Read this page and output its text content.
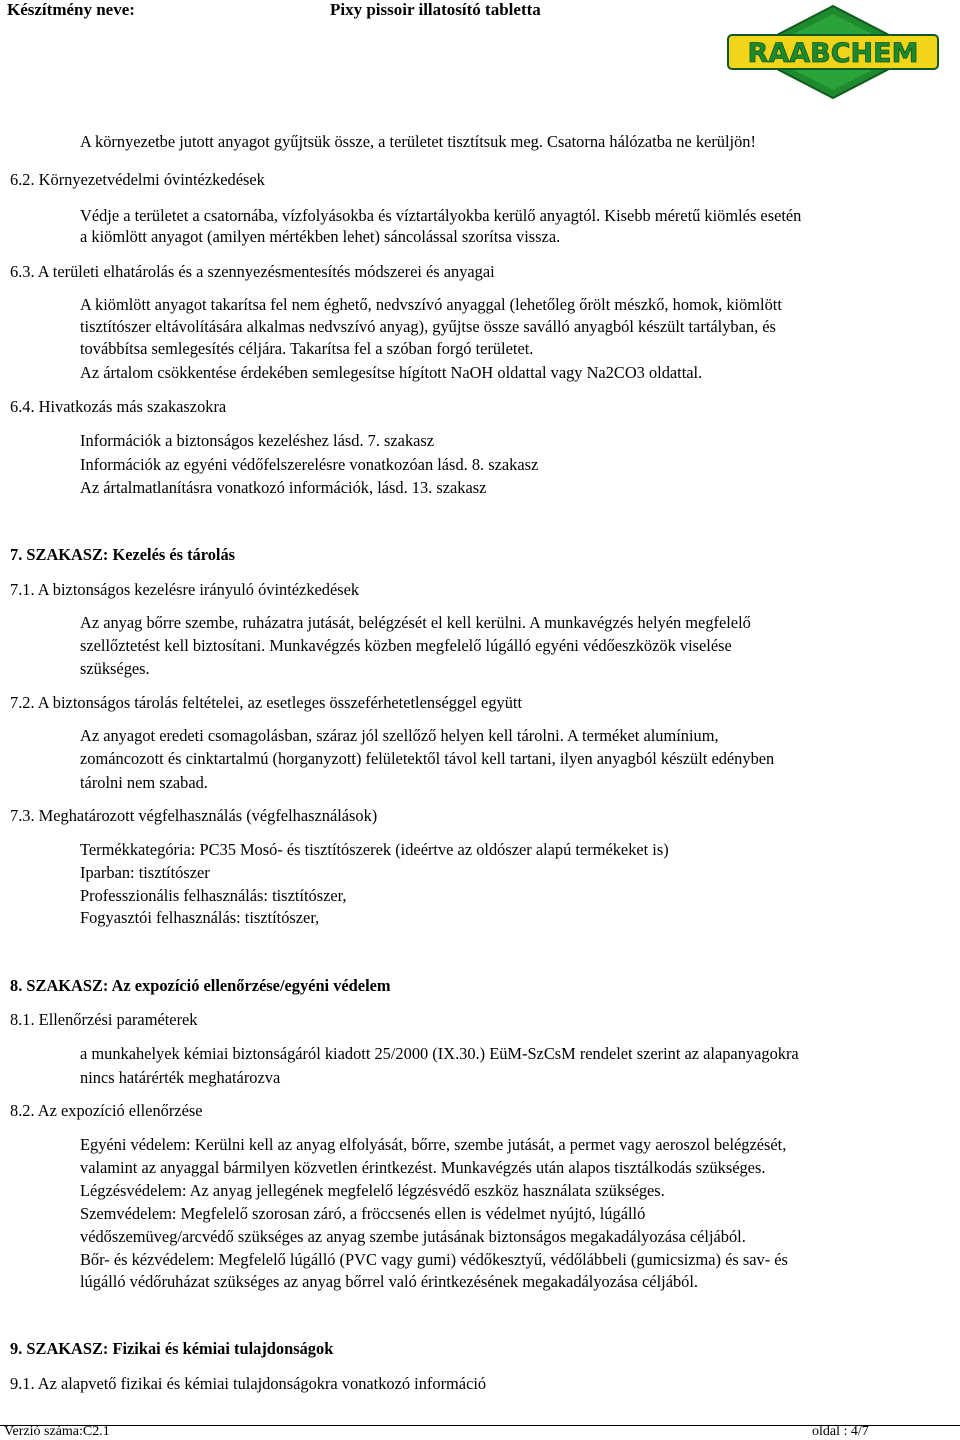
Készítmény neve:	Pixy pissoir illatosító tabletta
RAABCHEM
A környezetbe jutott anyagot gyűjtsük össze, a területet tisztítsuk meg. Csatorna hálózatba ne kerüljön!
6.2. Környezetvédelmi óvintézkedések
Védje a területet a csatornába, vízfolyásokba és víztartályokba kerülő anyagtól. Kisebb méretű kiömlés esetén
a kiömlött anyagot (amilyen mértékben lehet) sáncolással szorítsa vissza.
6.3. A területi elhatárolás és a szennyezésmentesítés módszerei és anyagai
A kiömlött anyagot takarítsa fel nem éghető, nedvszívó anyaggal (lehetőleg őrölt mészkő, homok, kiömlött
tisztítószer eltávolítására alkalmas nedvszívó anyag), gyűjtse össze saválló anyagból készült tartályban, és
továbbítsa semlegesítés céljára. Takarítsa fel a szóban forgó területet.
Az ártalom csökkentése érdekében semlegesítse hígított NaOH oldattal vagy Na2CO3 oldattal.
6.4. Hivatkozás más szakaszokra
Információk a biztonságos kezeléshez lásd. 7. szakasz
Információk az egyéni védőfelszerelésre vonatkozóan lásd. 8. szakasz
Az ártalmatlanításra vonatkozó információk, lásd. 13. szakasz
7. SZAKASZ: Kezelés és tárolás
7.1. A biztonságos kezelésre irányuló óvintézkedések
Az anyag bőrre szembe, ruházatra jutását, belégzését el kell kerülni. A munkavégzés helyén megfelelő
szellőztetést kell biztosítani. Munkavégzés közben megfelelő lúgálló egyéni védőeszközök viselése
szükséges.
7.2. A biztonságos tárolás feltételei, az esetleges összeférhetetlenséggel együtt
Az anyagot eredeti csomagolásban, száraz jól szellőző helyen kell tárolni. A terméket alumínium,
zománcozott és cinktartalmú (horganyzott) felületektől távol kell tartani, ilyen anyagból készült edényben
tárolni nem szabad.
7.3. Meghatározott végfelhasználás (végfelhasználások)
Termékkategória: PC35 Mosó- és tisztítószerek (ideértve az oldószer alapú termékeket is)
Iparban: tisztítószer
Professzionális felhasználás: tisztítószer,
Fogyasztói felhasználás: tisztítószer,
8. SZAKASZ: Az expozíció ellenőrzése/egyéni védelem
8.1. Ellenőrzési paraméterek
a munkahelyek kémiai biztonságáról kiadott 25/2000 (IX.30.) EüM-SzCsM rendelet szerint az alapanyagokra
nincs határérték meghatározva
8.2. Az expozíció ellenőrzése
Egyéni védelem: Kerülni kell az anyag elfolyását, bőrre, szembe jutását, a permet vagy aeroszol belégzését,
valamint az anyaggal bármilyen közvetlen érintkezést. Munkavégzés után alapos tisztálkodás szükséges.
Légzésvédelem: Az anyag jellegének megfelelő légzésvédő eszköz használata szükséges.
Szemvédelem: Megfelelő szorosan záró, a fröccsenés ellen is védelmet nyújtó, lúgálló
védőszemüveg/arcvédő szükséges az anyag szembe jutásának biztonságos megakadályozása céljából.
Bőr- és kézvédelem: Megfelelő lúgálló (PVC vagy gumi) védőkesztyű, védőlábbeli (gumicsizma) és sav- és
lúgálló védőruházat szükséges az anyag bőrrel való érintkezésének megakadályozása céljából.
9. SZAKASZ: Fizikai és kémiai tulajdonságok
9.1. Az alapvető fizikai és kémiai tulajdonságokra vonatkozó információ
Verzió száma:C2.1	oldal : 4/7
